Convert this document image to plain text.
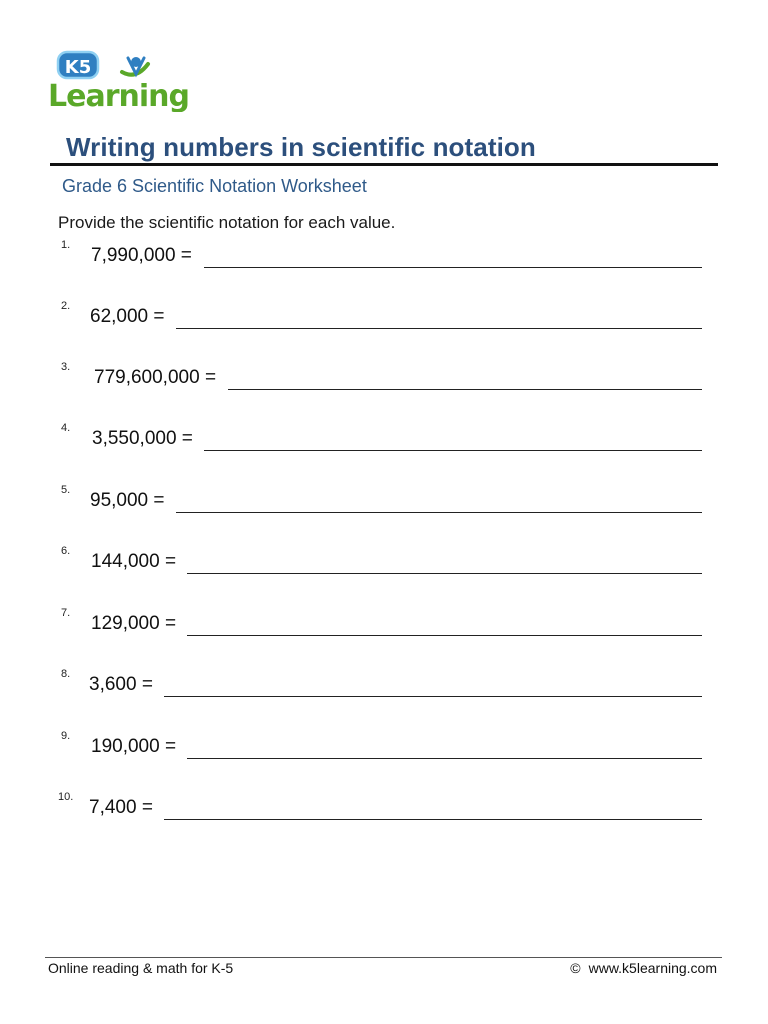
K5
Learning
Writing numbers in scientific notation
Grade 6 Scientific Notation Worksheet
Provide the scientific notation for each value.
1. 7,990,000 =
2. 62,000 =
3. 779,600,000 =
4. 3,550,000 =
5. 95,000 =
6. 144,000 =
7. 129,000 =
8. 3,600 =
9. 190,000 =
10. 7,400 =
Online reading & math for K-5	© www.k5learning.com
